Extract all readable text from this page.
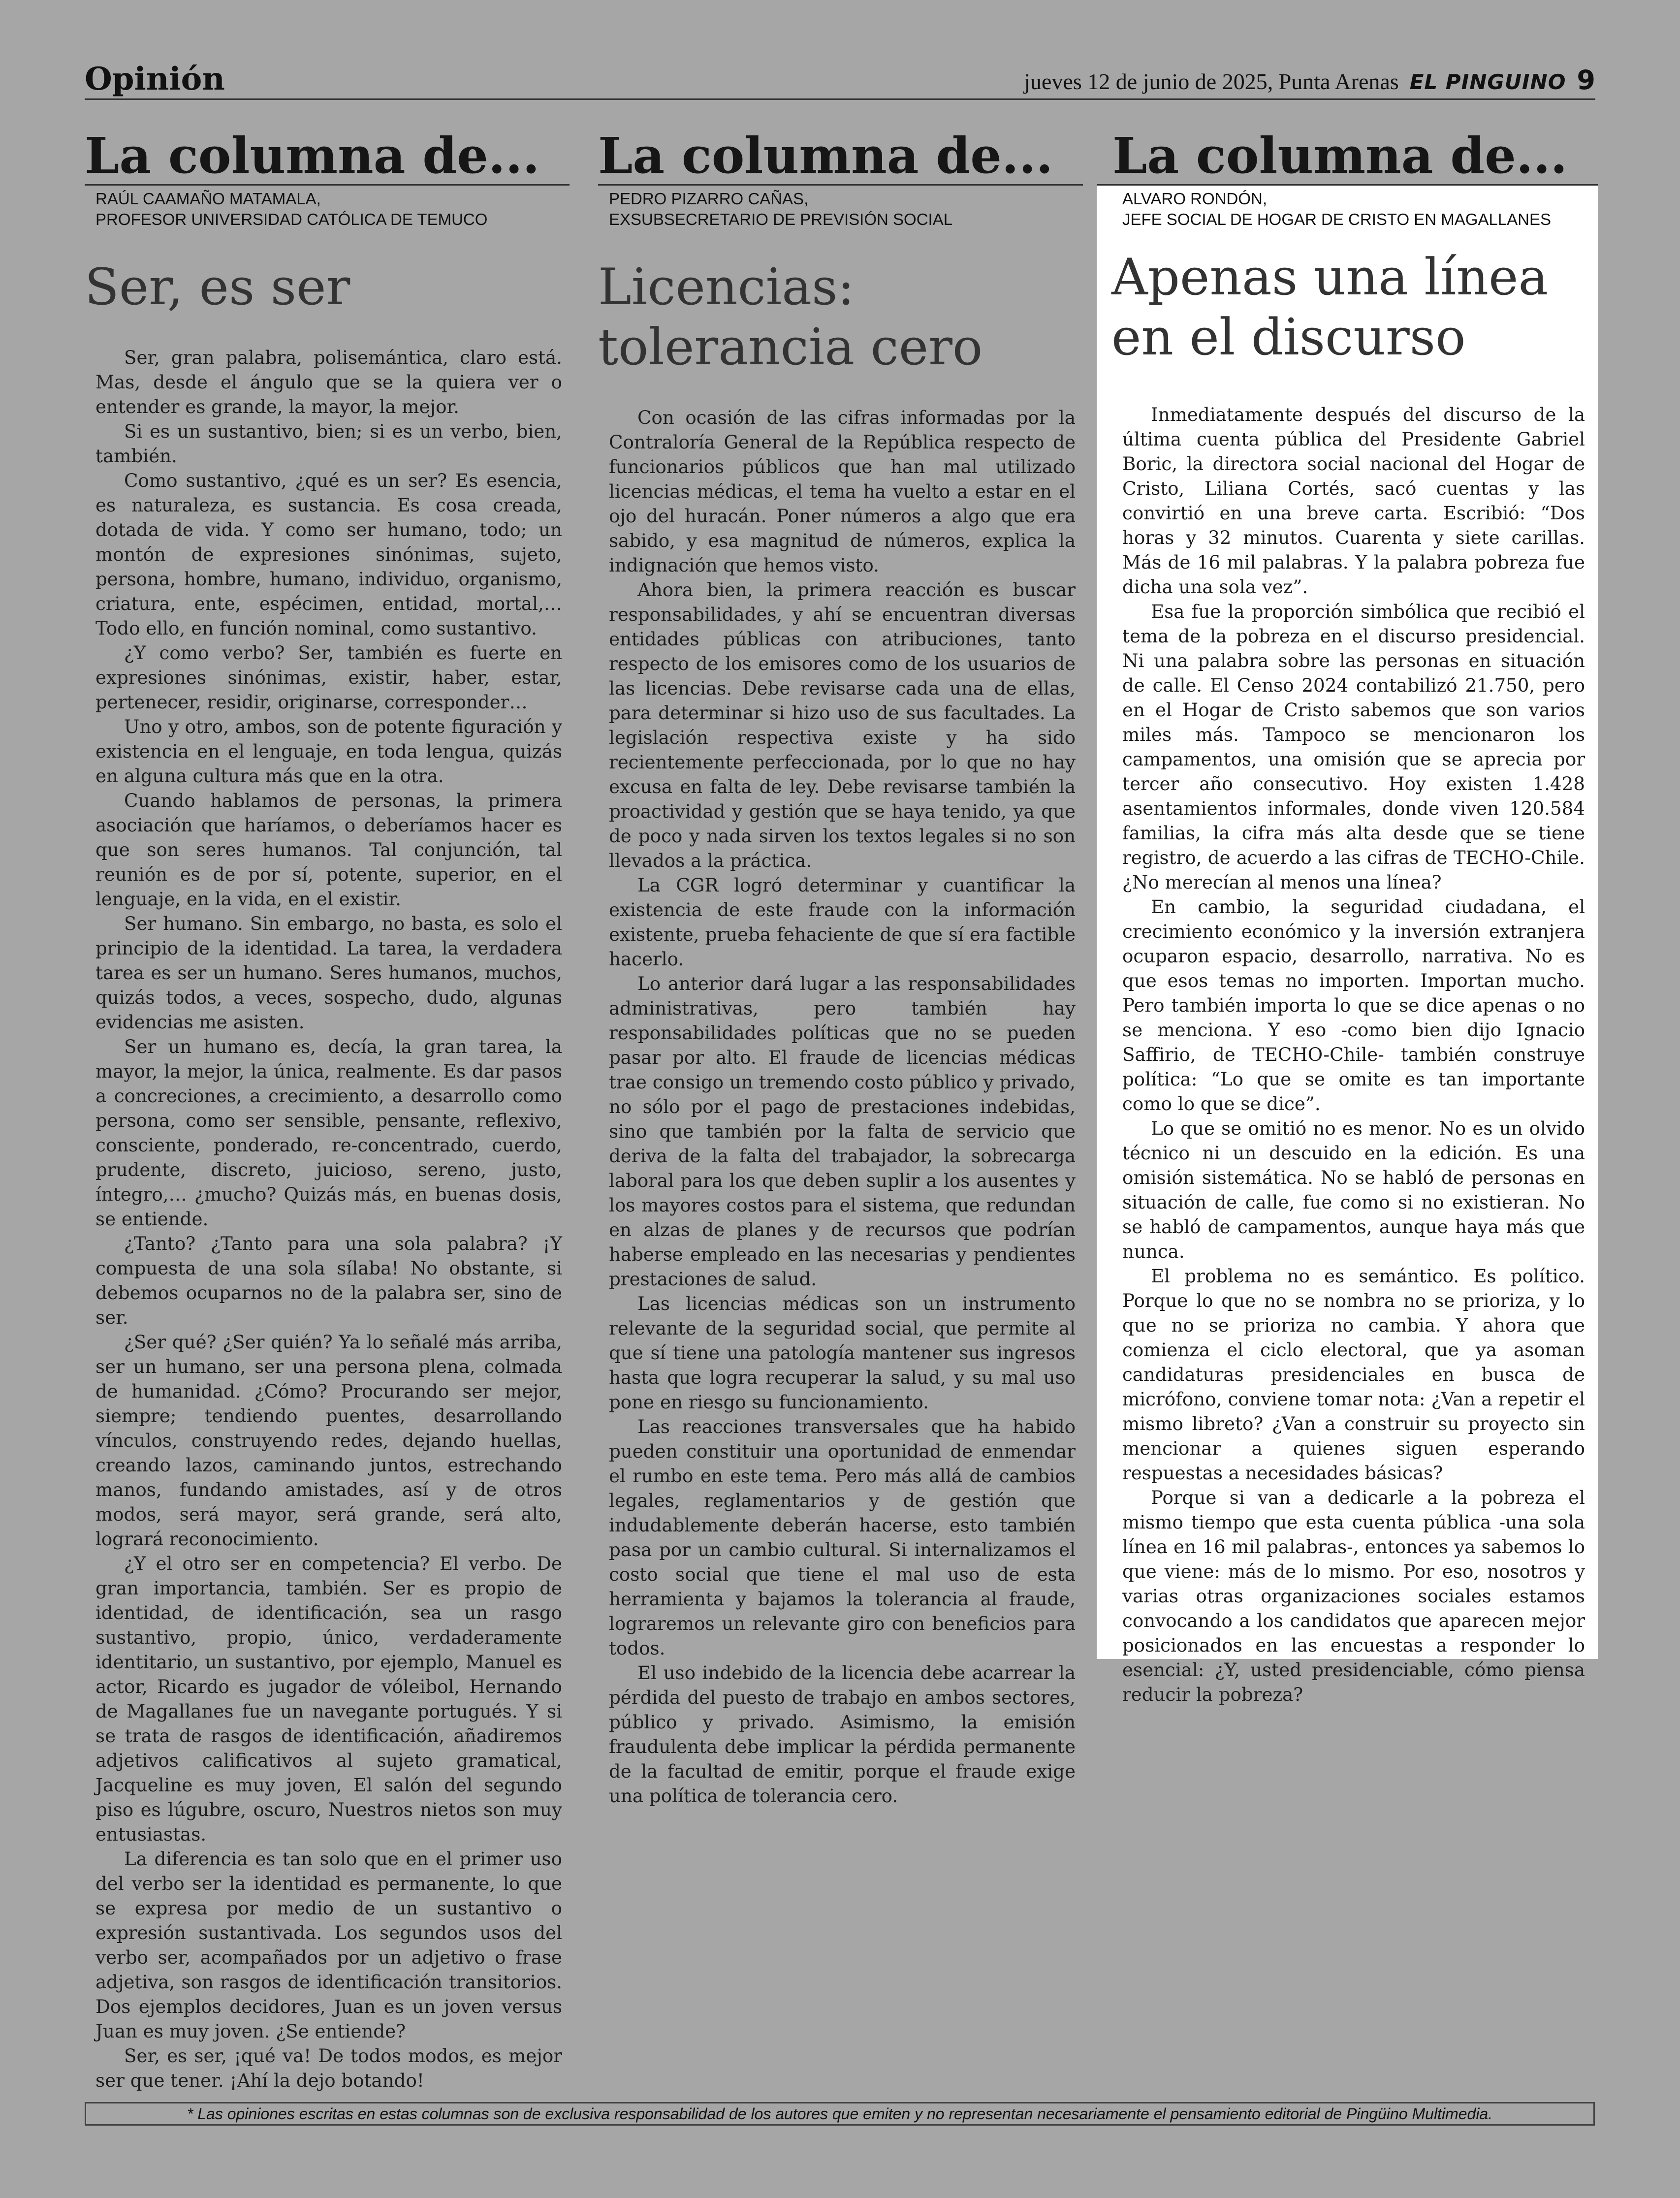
Opinión	jueves 12 de junio de 2025, Punta Arenas EL PINGUINO 9
La columna de...
RAÚL CAAMAÑO MATAMALA,
PROFESOR UNIVERSIDAD CATÓLICA DE TEMUCO
Ser, es ser

Ser, gran palabra, polisemántica, claro está. Mas, desde el ángulo que se la quiera ver o entender es grande, la mayor, la mejor.

Si es un sustantivo, bien; si es un verbo, bien, también.

Como sustantivo, ¿qué es un ser? Es esencia, es naturaleza, es sustancia. Es cosa creada, dotada de vida. Y como ser humano, todo; un montón de expresiones sinónimas, sujeto, persona, hombre, humano, individuo, organismo, criatura, ente, espécimen, entidad, mortal,… Todo ello, en función nominal, como sustantivo.

¿Y como verbo? Ser, también es fuerte en expresiones sinónimas, existir, haber, estar, pertenecer, residir, originarse, corresponder…

Uno y otro, ambos, son de potente figuración y existencia en el lenguaje, en toda lengua, quizás en alguna cultura más que en la otra.

Cuando hablamos de personas, la primera asociación que haríamos, o deberíamos hacer es que son seres humanos. Tal conjunción, tal reunión es de por sí, potente, superior, en el lenguaje, en la vida, en el existir.

Ser humano. Sin embargo, no basta, es solo el principio de la identidad. La tarea, la verdadera tarea es ser un humano. Seres humanos, muchos, quizás todos, a veces, sospecho, dudo, algunas evidencias me asisten.

Ser un humano es, decía, la gran tarea, la mayor, la mejor, la única, realmente. Es dar pasos a concreciones, a crecimiento, a desarrollo como persona, como ser sensible, pensante, reflexivo, consciente, ponderado, re-concentrado, cuerdo, prudente, discreto, juicioso, sereno, justo, íntegro,… ¿mucho? Quizás más, en buenas dosis, se entiende.

¿Tanto? ¿Tanto para una sola palabra? ¡Y compuesta de una sola sílaba! No obstante, si debemos ocuparnos no de la palabra ser, sino de ser.

¿Ser qué? ¿Ser quién? Ya lo señalé más arriba, ser un humano, ser una persona plena, colmada de humanidad. ¿Cómo? Procurando ser mejor, siempre; tendiendo puentes, desarrollando vínculos, construyendo redes, dejando huellas, creando lazos, caminando juntos, estrechando manos, fundando amistades, así y de otros modos, será mayor, será grande, será alto, logrará reconocimiento.

¿Y el otro ser en competencia? El verbo. De gran importancia, también. Ser es propio de identidad, de identificación, sea un rasgo sustantivo, propio, único, verdaderamente identitario, un sustantivo, por ejemplo, Manuel es actor, Ricardo es jugador de vóleibol, Hernando de Magallanes fue un navegante portugués. Y si se trata de rasgos de identificación, añadiremos adjetivos calificativos al sujeto gramatical, Jacqueline es muy joven, El salón del segundo piso es lúgubre, oscuro, Nuestros nietos son muy entusiastas.

La diferencia es tan solo que en el primer uso del verbo ser la identidad es permanente, lo que se expresa por medio de un sustantivo o expresión sustantivada. Los segundos usos del verbo ser, acompañados por un adjetivo o frase adjetiva, son rasgos de identificación transitorios. Dos ejemplos decidores, Juan es un joven versus Juan es muy joven. ¿Se entiende?

Ser, es ser, ¡qué va! De todos modos, es mejor ser que tener. ¡Ahí la dejo botando!

La columna de...
PEDRO PIZARRO CAÑAS,
EXSUBSECRETARIO DE PREVISIÓN SOCIAL
Licencias:
tolerancia cero

Con ocasión de las cifras informadas por la Contraloría General de la República respecto de funcionarios públicos que han mal utilizado licencias médicas, el tema ha vuelto a estar en el ojo del huracán. Poner números a algo que era sabido, y esa magnitud de números, explica la indignación que hemos visto.

Ahora bien, la primera reacción es buscar responsabilidades, y ahí se encuentran diversas entidades públicas con atribuciones, tanto respecto de los emisores como de los usuarios de las licencias. Debe revisarse cada una de ellas, para determinar si hizo uso de sus facultades. La legislación respectiva existe y ha sido recientemente perfeccionada, por lo que no hay excusa en falta de ley. Debe revisarse también la proactividad y gestión que se haya tenido, ya que de poco y nada sirven los textos legales si no son llevados a la práctica.

La CGR logró determinar y cuantificar la existencia de este fraude con la información existente, prueba fehaciente de que sí era factible hacerlo.

Lo anterior dará lugar a las responsabilidades administrativas, pero también hay responsabilidades políticas que no se pueden pasar por alto. El fraude de licencias médicas trae consigo un tremendo costo público y privado, no sólo por el pago de prestaciones indebidas, sino que también por la falta de servicio que deriva de la falta del trabajador, la sobrecarga laboral para los que deben suplir a los ausentes y los mayores costos para el sistema, que redundan en alzas de planes y de recursos que podrían haberse empleado en las necesarias y pendientes prestaciones de salud.

Las licencias médicas son un instrumento relevante de la seguridad social, que permite al que sí tiene una patología mantener sus ingresos hasta que logra recuperar la salud, y su mal uso pone en riesgo su funcionamiento.

Las reacciones transversales que ha habido pueden constituir una oportunidad de enmendar el rumbo en este tema. Pero más allá de cambios legales, reglamentarios y de gestión que indudablemente deberán hacerse, esto también pasa por un cambio cultural. Si internalizamos el costo social que tiene el mal uso de esta herramienta y bajamos la tolerancia al fraude, lograremos un relevante giro con beneficios para todos.

El uso indebido de la licencia debe acarrear la pérdida del puesto de trabajo en ambos sectores, público y privado. Asimismo, la emisión fraudulenta debe implicar la pérdida permanente de la facultad de emitir, porque el fraude exige una política de tolerancia cero.

La columna de...
ALVARO RONDÓN,
JEFE SOCIAL DE HOGAR DE CRISTO EN MAGALLANES
Apenas una línea
en el discurso

Inmediatamente después del discurso de la última cuenta pública del Presidente Gabriel Boric, la directora social nacional del Hogar de Cristo, Liliana Cortés, sacó cuentas y las convirtió en una breve carta. Escribió: “Dos horas y 32 minutos. Cuarenta y siete carillas. Más de 16 mil palabras. Y la palabra pobreza fue dicha una sola vez”.

Esa fue la proporción simbólica que recibió el tema de la pobreza en el discurso presidencial. Ni una palabra sobre las personas en situación de calle. El Censo 2024 contabilizó 21.750, pero en el Hogar de Cristo sabemos que son varios miles más. Tampoco se mencionaron los campamentos, una omisión que se aprecia por tercer año consecutivo. Hoy existen 1.428 asentamientos informales, donde viven 120.584 familias, la cifra más alta desde que se tiene registro, de acuerdo a las cifras de TECHO-Chile. ¿No merecían al menos una línea?

En cambio, la seguridad ciudadana, el crecimiento económico y la inversión extranjera ocuparon espacio, desarrollo, narrativa. No es que esos temas no importen. Importan mucho. Pero también importa lo que se dice apenas o no se menciona. Y eso -como bien dijo Ignacio Saffirio, de TECHO-Chile- también construye política: “Lo que se omite es tan importante como lo que se dice”.

Lo que se omitió no es menor. No es un olvido técnico ni un descuido en la edición. Es una omisión sistemática. No se habló de personas en situación de calle, fue como si no existieran. No se habló de campamentos, aunque haya más que nunca.

El problema no es semántico. Es político. Porque lo que no se nombra no se prioriza, y lo que no se prioriza no cambia. Y ahora que comienza el ciclo electoral, que ya asoman candidaturas presidenciales en busca de micrófono, conviene tomar nota: ¿Van a repetir el mismo libreto? ¿Van a construir su proyecto sin mencionar a quienes siguen esperando respuestas a necesidades básicas?

Porque si van a dedicarle a la pobreza el mismo tiempo que esta cuenta pública -una sola línea en 16 mil palabras-, entonces ya sabemos lo que viene: más de lo mismo. Por eso, nosotros y varias otras organizaciones sociales estamos convocando a los candidatos que aparecen mejor posicionados en las encuestas a responder lo esencial: ¿Y, usted presidenciable, cómo piensa reducir la pobreza?

* Las opiniones escritas en estas columnas son de exclusiva responsabilidad de los autores que emiten y no representan necesariamente el pensamiento editorial de Pingüino Multimedia.
